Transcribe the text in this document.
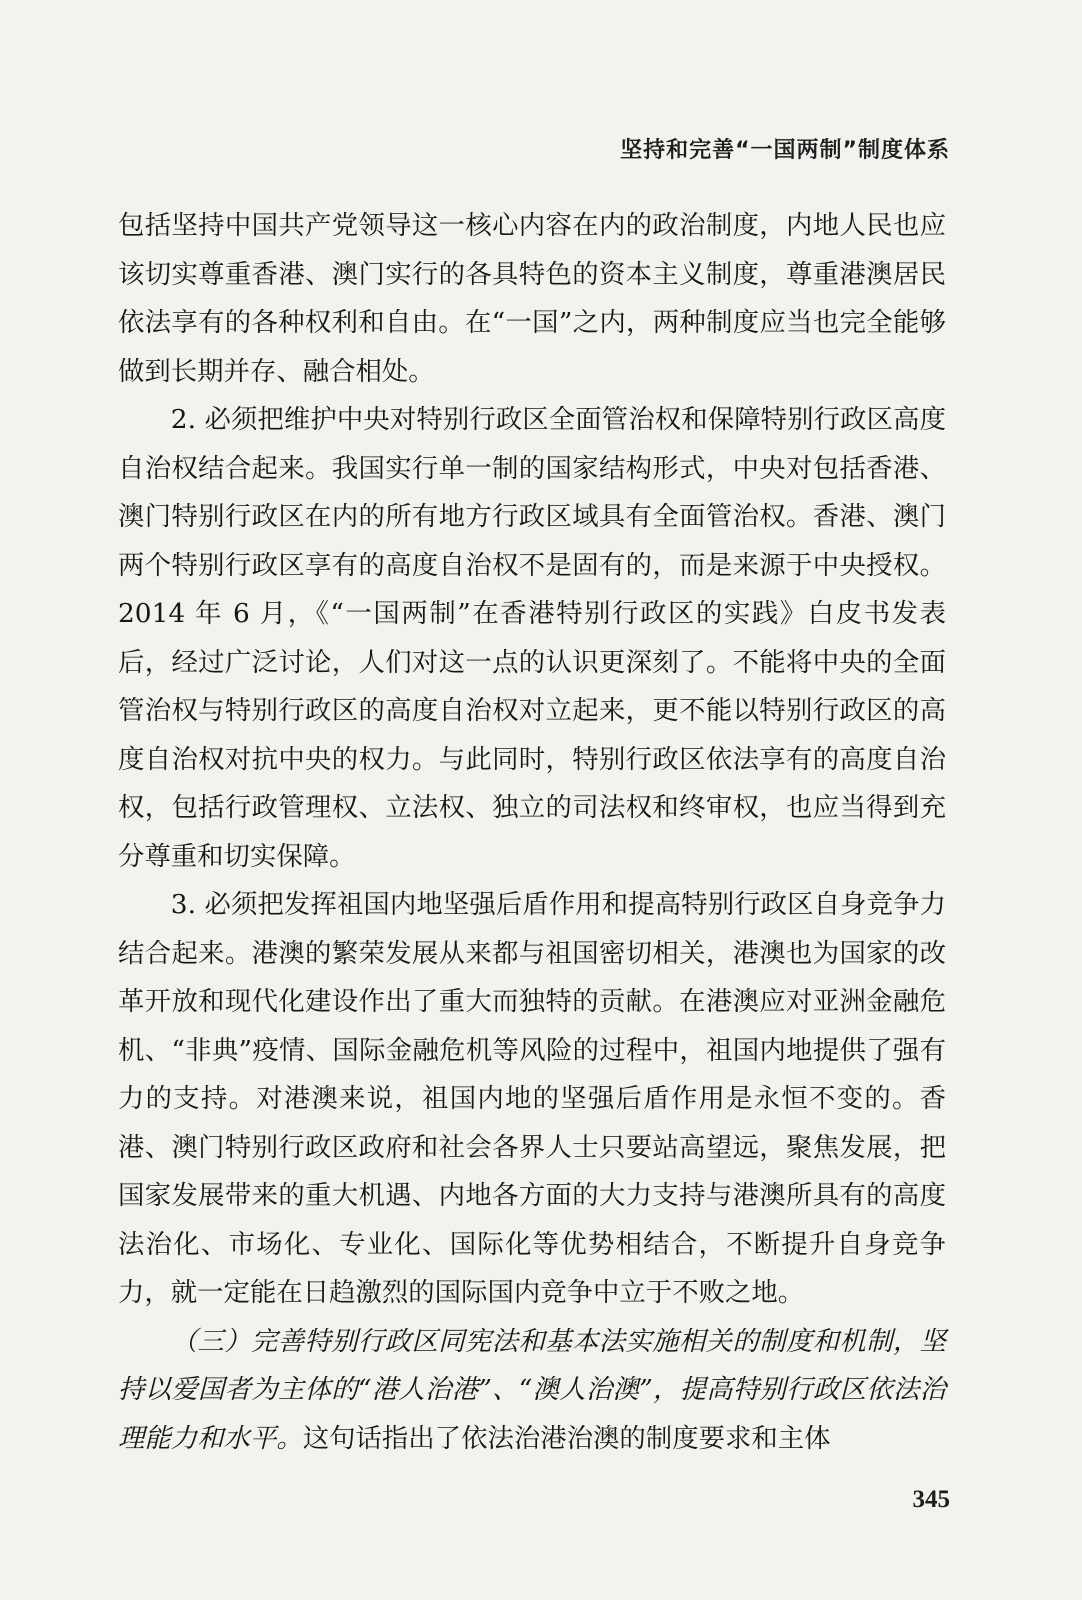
坚持和完善“一国两制”制度体系

包括坚持中国共产党领导这一核心内容在内的政治制度，内地人民也应该切实尊重香港、澳门实行的各具特色的资本主义制度，尊重港澳居民依法享有的各种权利和自由。在“一国”之内，两种制度应当也完全能够做到长期并存、融合相处。

2. 必须把维护中央对特别行政区全面管治权和保障特别行政区高度自治权结合起来。我国实行单一制的国家结构形式，中央对包括香港、澳门特别行政区在内的所有地方行政区域具有全面管治权。香港、澳门两个特别行政区享有的高度自治权不是固有的，而是来源于中央授权。2014 年 6 月，《“一国两制”在香港特别行政区的实践》白皮书发表后，经过广泛讨论，人们对这一点的认识更深刻了。不能将中央的全面管治权与特别行政区的高度自治权对立起来，更不能以特别行政区的高度自治权对抗中央的权力。与此同时，特别行政区依法享有的高度自治权，包括行政管理权、立法权、独立的司法权和终审权，也应当得到充分尊重和切实保障。

3. 必须把发挥祖国内地坚强后盾作用和提高特别行政区自身竞争力结合起来。港澳的繁荣发展从来都与祖国密切相关，港澳也为国家的改革开放和现代化建设作出了重大而独特的贡献。在港澳应对亚洲金融危机、“非典”疫情、国际金融危机等风险的过程中，祖国内地提供了强有力的支持。对港澳来说，祖国内地的坚强后盾作用是永恒不变的。香港、澳门特别行政区政府和社会各界人士只要站高望远，聚焦发展，把国家发展带来的重大机遇、内地各方面的大力支持与港澳所具有的高度法治化、市场化、专业化、国际化等优势相结合，不断提升自身竞争力，就一定能在日趋激烈的国际国内竞争中立于不败之地。

（三）完善特别行政区同宪法和基本法实施相关的制度和机制，坚持以爱国者为主体的“港人治港”、“澳人治澳”，提高特别行政区依法治理能力和水平。这句话指出了依法治港治澳的制度要求和主体

345
